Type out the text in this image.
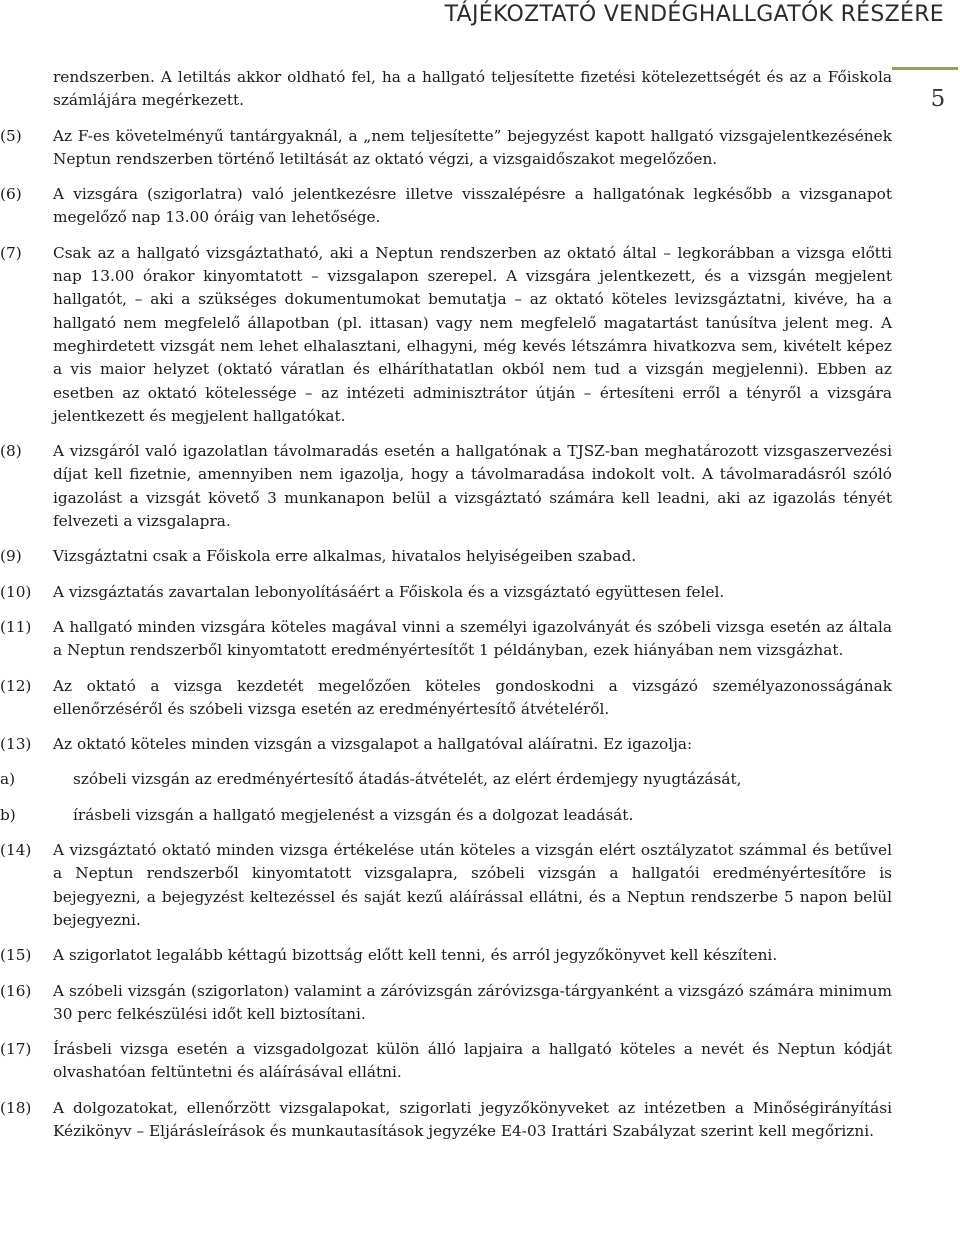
TÁJÉKOZTATÓ VENDÉGHALLGATÓK RÉSZÉRE
5
rendszerben. A letiltás akkor oldható fel, ha a hallgató teljesítette fizetési kötelezettségét és az a Főiskola számlájára megérkezett.
(5)	Az F-es követelményű tantárgyaknál, a „nem teljesítette” bejegyzést kapott hallgató vizsgajelentkezésének Neptun rendszerben történő letiltását az oktató végzi, a vizsgaidőszakot megelőzően.
(6)	A vizsgára (szigorlatra) való jelentkezésre illetve visszalépésre a hallgatónak legkésőbb a vizsganapot megelőző nap 13.00 óráig van lehetősége.
(7)	Csak az a hallgató vizsgáztatható, aki a Neptun rendszerben az oktató által – legkorábban a vizsga előtti nap 13.00 órakor kinyomtatott – vizsgalapon szerepel. A vizsgára jelentkezett, és a vizsgán megjelent hallgatót, – aki a szükséges dokumentumokat bemutatja – az oktató köteles levizsgáztatni, kivéve, ha a hallgató nem megfelelő állapotban (pl. ittasan) vagy nem megfelelő magatartást tanúsítva jelent meg. A meghirdetett vizsgát nem lehet elhalasztani, elhagyni, még kevés létszámra hivatkozva sem, kivételt képez a vis maior helyzet (oktató váratlan és elháríthatatlan okból nem tud a vizsgán megjelenni). Ebben az esetben az oktató kötelessége – az intézeti adminisztrátor útján – értesíteni erről a tényről a vizsgára jelentkezett és megjelent hallgatókat.
(8)	A vizsgáról való igazolatlan távolmaradás esetén a hallgatónak a TJSZ-ban meghatározott vizsgaszervezési díjat kell fizetnie, amennyiben nem igazolja, hogy a távolmaradása indokolt volt. A távolmaradásról szóló igazolást a vizsgát követő 3 munkanapon belül a vizsgáztató számára kell leadni, aki az igazolás tényét felvezeti a vizsgalapra.
(9)	Vizsgáztatni csak a Főiskola erre alkalmas, hivatalos helyiségeiben szabad.
(10)	A vizsgáztatás zavartalan lebonyolításáért a Főiskola és a vizsgáztató együttesen felel.
(11)	A hallgató minden vizsgára köteles magával vinni a személyi igazolványát és szóbeli vizsga esetén az általa a Neptun rendszerből kinyomtatott eredményértesítőt 1 példányban, ezek hiányában nem vizsgázhat.
(12)	Az oktató a vizsga kezdetét megelőzően köteles gondoskodni a vizsgázó személyazonosságának ellenőrzéséről és szóbeli vizsga esetén az eredményértesítő átvételéről.
(13)	Az oktató köteles minden vizsgán a vizsgalapot a hallgatóval aláíratni. Ez igazolja:
a)	szóbeli vizsgán az eredményértesítő átadás-átvételét, az elért érdemjegy nyugtázását,
b)	írásbeli vizsgán a hallgató megjelenést a vizsgán és a dolgozat leadását.
(14)	A vizsgáztató oktató minden vizsga értékelése után köteles a vizsgán elért osztályzatot számmal és betűvel a Neptun rendszerből kinyomtatott vizsgalapra, szóbeli vizsgán a hallgatói eredményértesítőre is bejegyezni, a bejegyzést keltezéssel és saját kezű aláírással ellátni, és a Neptun rendszerbe 5 napon belül bejegyezni.
(15)	A szigorlatot legalább kéttagú bizottság előtt kell tenni, és arról jegyzőkönyvet kell készíteni.
(16)	A szóbeli vizsgán (szigorlaton) valamint a záróvizsgán záróvizsga-tárgyanként a vizsgázó számára minimum 30 perc felkészülési időt kell biztosítani.
(17)	Írásbeli vizsga esetén a vizsgadolgozat külön álló lapjaira a hallgató köteles a nevét és Neptun kódját olvashatóan feltüntetni és aláírásával ellátni.
(18)	A dolgozatokat, ellenőrzött vizsgalapokat, szigorlati jegyzőkönyveket az intézetben a Minőségirányítási Kézikönyv – Eljárásleírások és munkautasítások jegyzéke E4-03 Irattári Szabályzat szerint kell megőrizni.
